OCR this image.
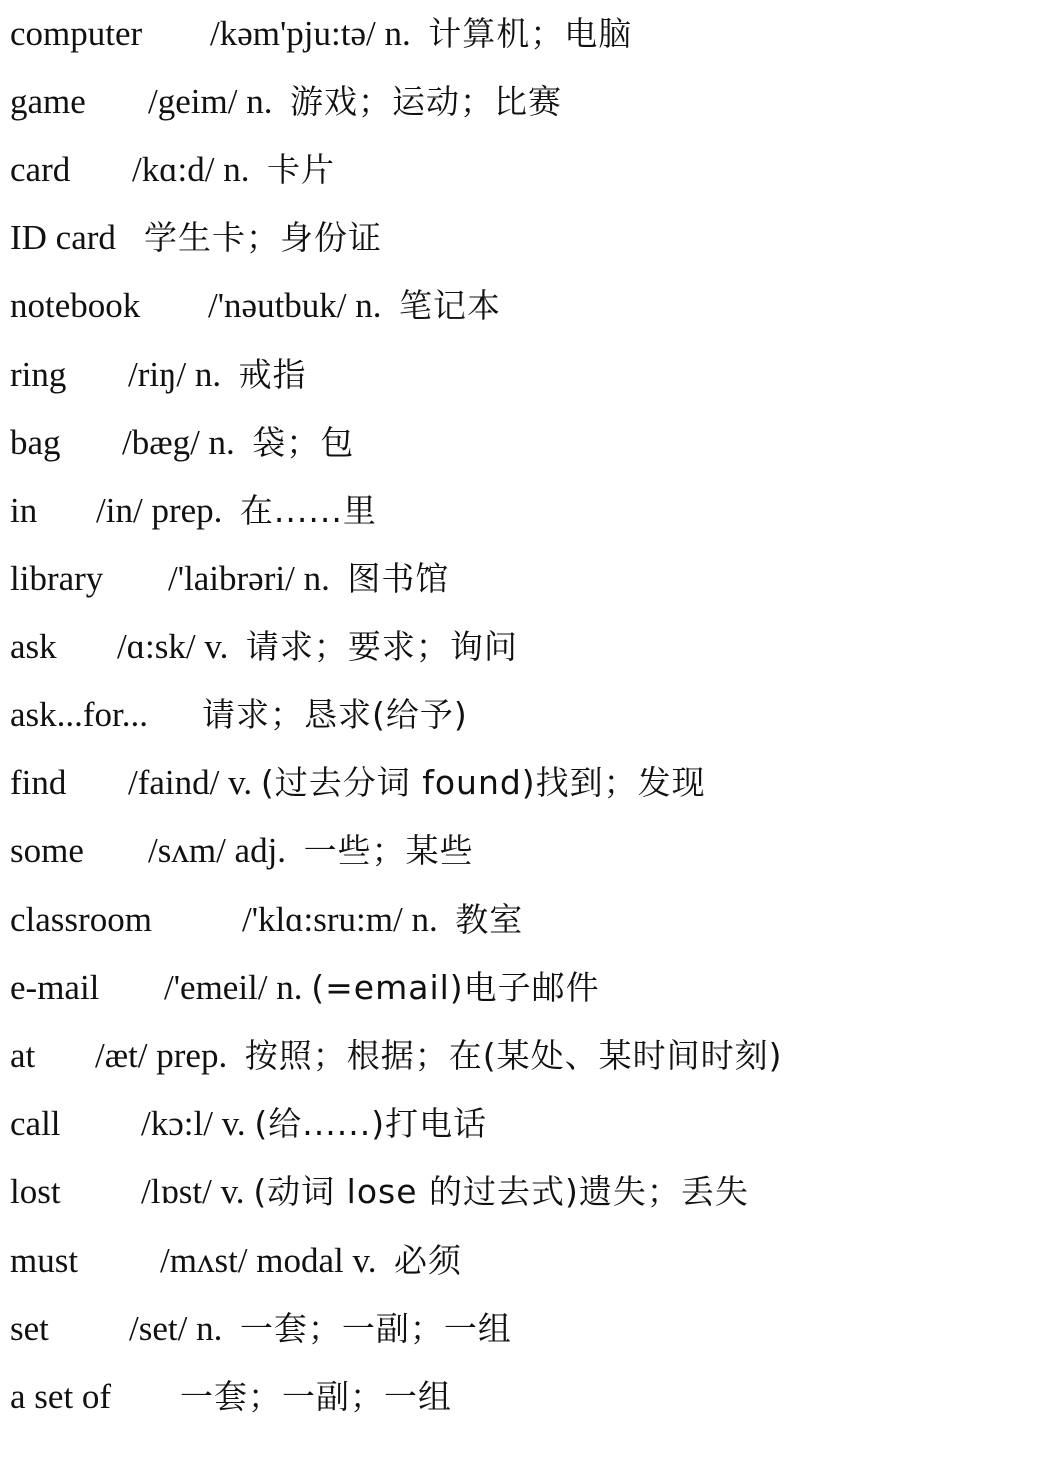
computer /kəm'pju:tə/ n. 计算机；电脑
game /geim/ n. 游戏；运动；比赛
card /kɑ:d/ n. 卡片
ID card 学生卡；身份证
notebook /'nəutbuk/ n. 笔记本
ring /riŋ/ n. 戒指
bag /bæg/ n. 袋；包
in /in/ prep. 在......里
library /'laibrəri/ n. 图书馆
ask /ɑ:sk/ v. 请求；要求；询问
ask...for... 请求；恳求(给予)
find /faind/ v. (过去分词 found)找到；发现
some /sʌm/ adj. 一些；某些
classroom	/'klɑ:sru:m/ n. 教室
e-mail /'emeil/ n. (=email)电子邮件
at /æt/ prep. 按照；根据；在(某处、某时间时刻)
call /kɔ:l/ v. (给......)打电话
lost /lɒst/ v. (动词 lose 的过去式)遗失；丢失
must /mʌst/ modal v. 必须
set /set/ n. 一套；一副；一组
a set of 一套；一副；一组
